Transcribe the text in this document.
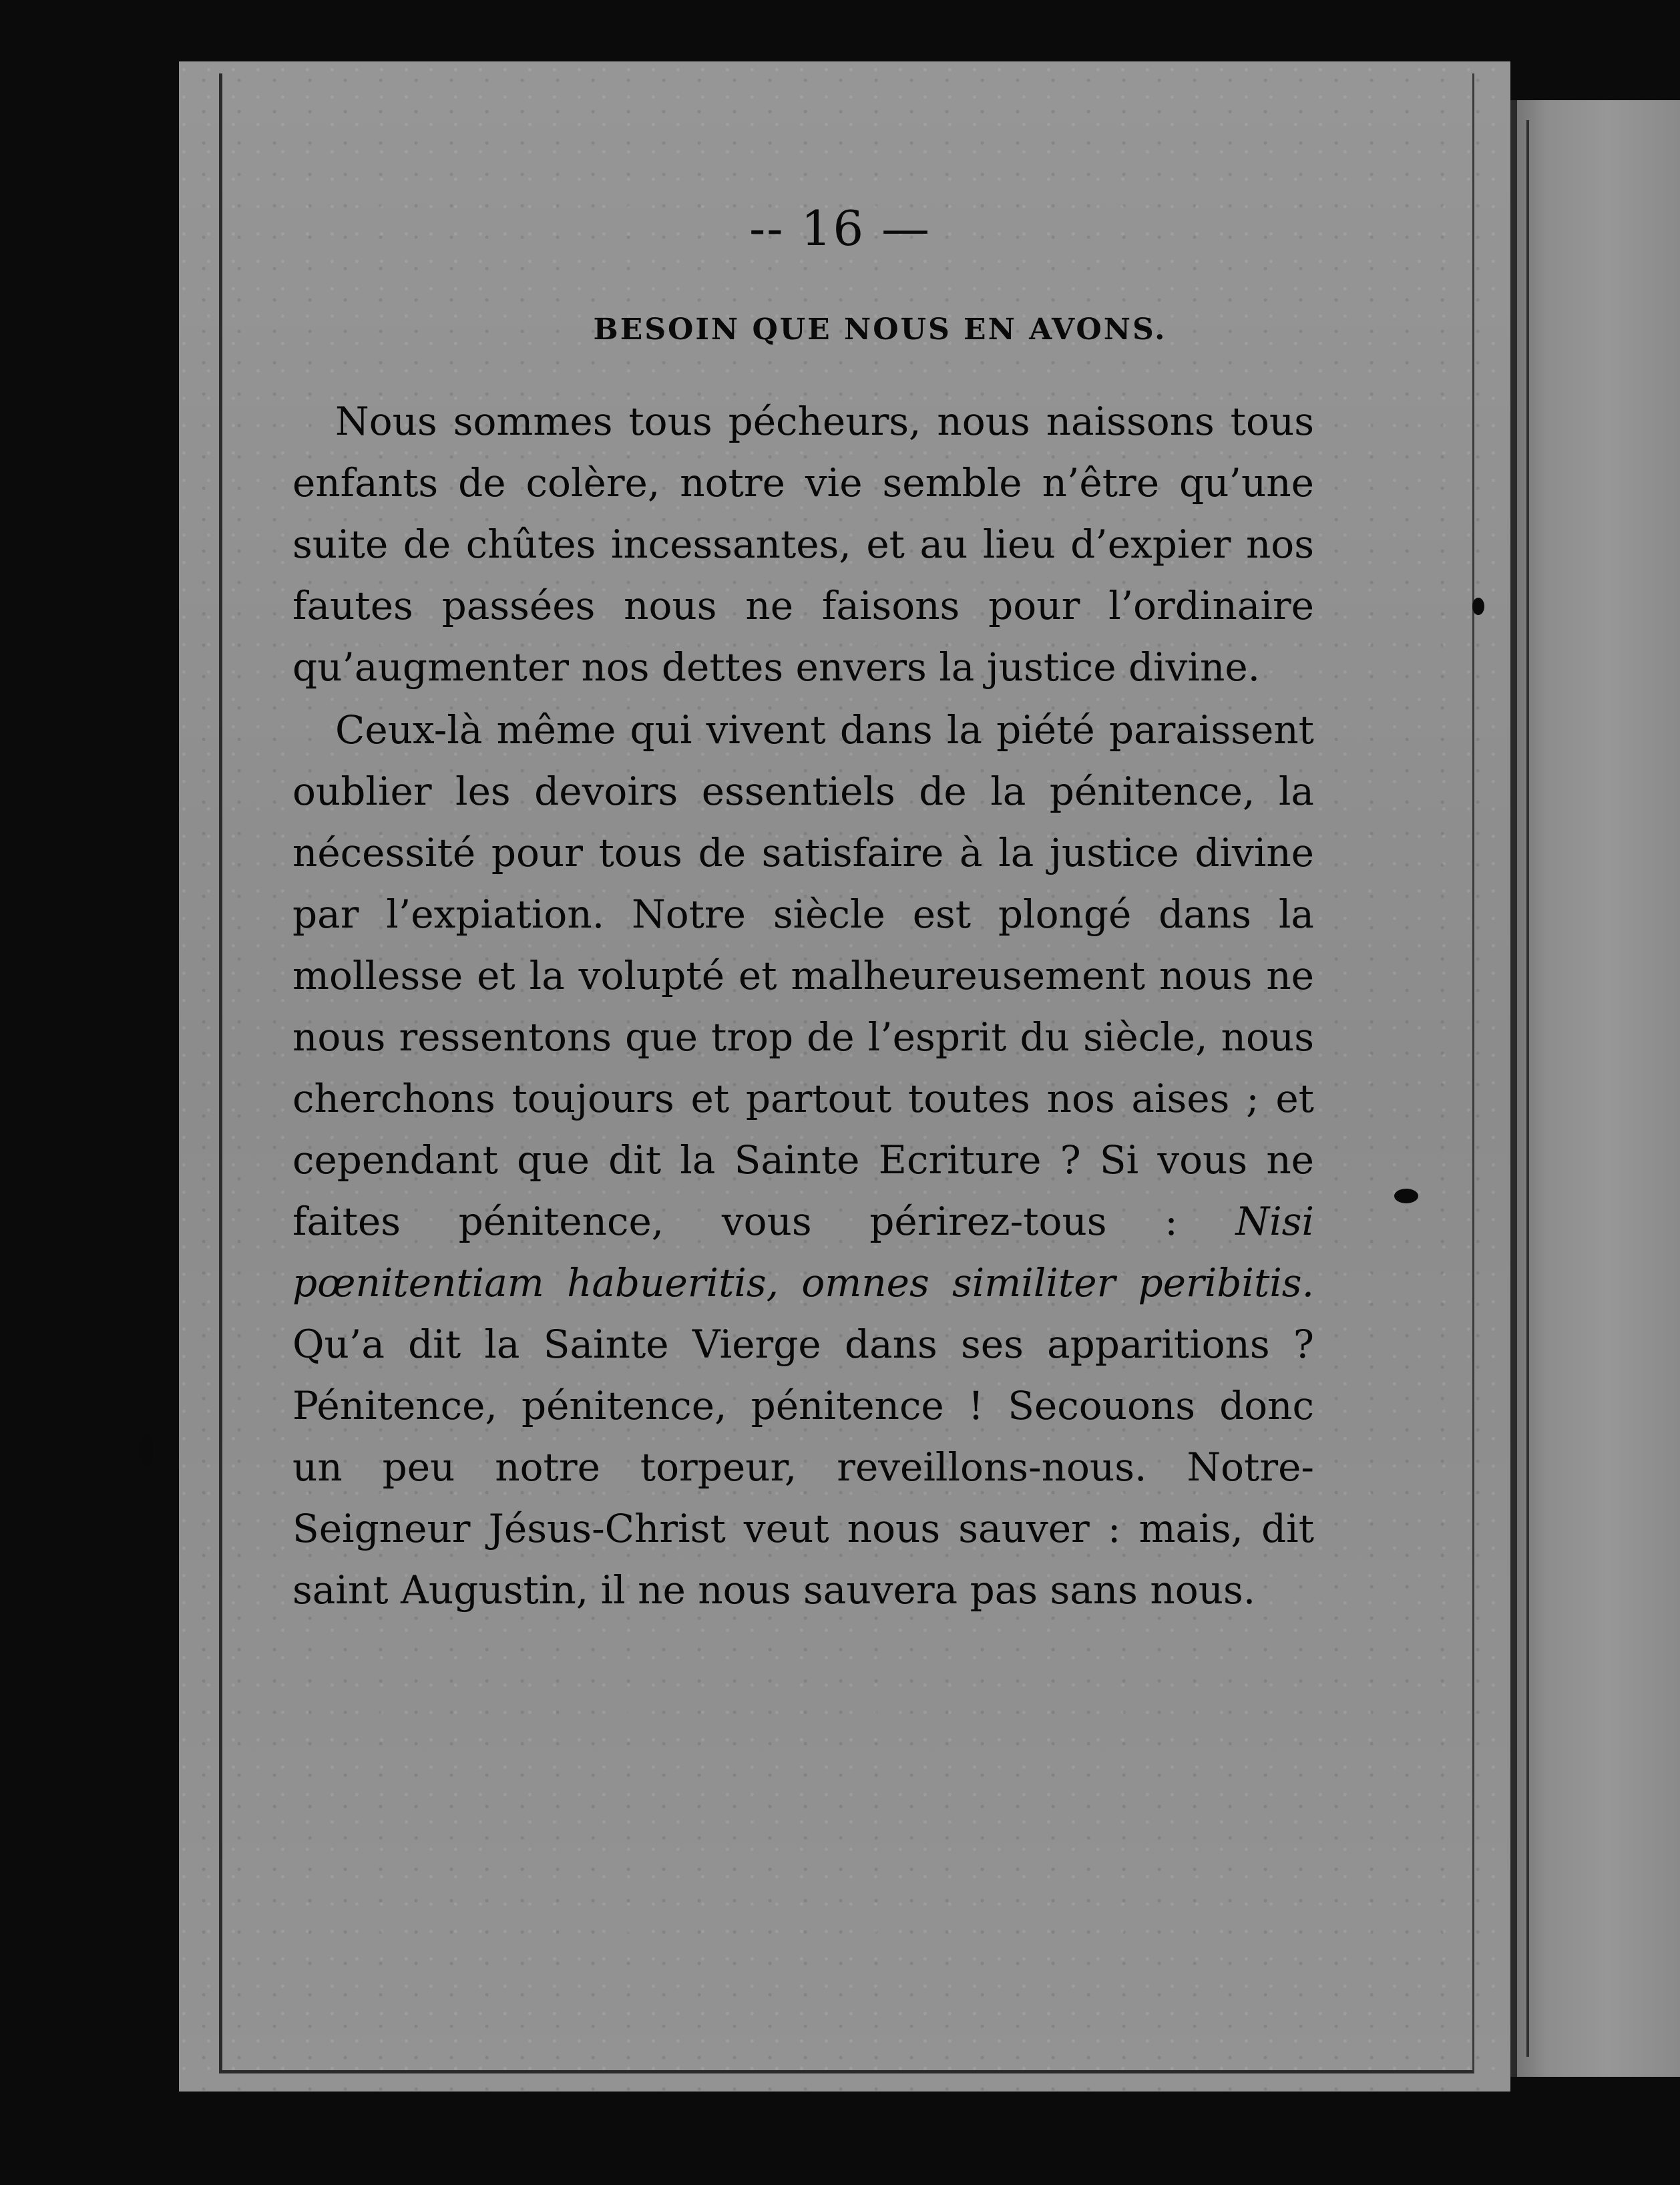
-- 16 —
BESOIN QUE NOUS EN AVONS.

Nous sommes tous pécheurs, nous naissons tous enfants de colère, notre vie semble n’être qu’une suite de chûtes incessantes, et au lieu d’expier nos fautes passées nous ne faisons pour l’ordinaire qu’augmenter nos dettes envers la justice divine.

Ceux-là même qui vivent dans la piété paraissent oublier les devoirs essentiels de la pénitence, la nécessité pour tous de satisfaire à la justice divine par l’expiation. Notre siècle est plongé dans la mollesse et la volupté et malheureusement nous ne nous ressentons que trop de l’esprit du siècle, nous cherchons toujours et partout toutes nos aises ; et cependant que dit la Sainte Ecriture ? Si vous ne faites pénitence, vous périrez-tous : Nisi pœnitentiam habueritis, omnes similiter peribitis. Qu’a dit la Sainte Vierge dans ses apparitions ? Pénitence, pénitence, pénitence ! Secouons donc un peu notre torpeur, reveillons-nous. Notre-Seigneur Jésus-Christ veut nous sauver : mais, dit saint Augustin, il ne nous sauvera pas sans nous.
